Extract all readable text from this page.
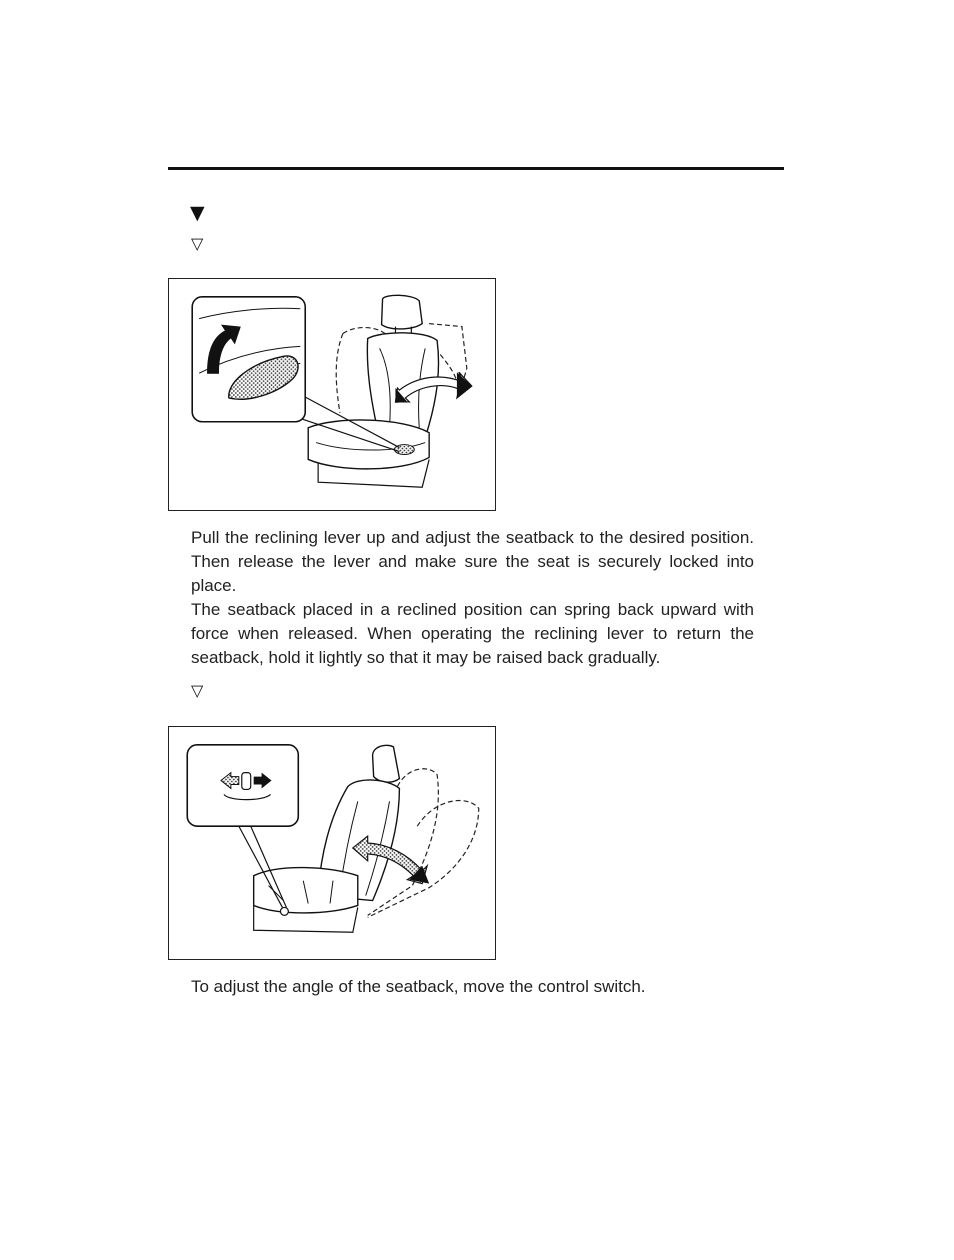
▼
▽

Pull the reclining lever up and adjust the seatback to the desired position. Then release the lever and make sure the seat is securely locked into place.

The seatback placed in a reclined position can spring back upward with force when released. When operating the reclining lever to return the seatback, hold it lightly so that it may be raised back gradually.

▽

To adjust the angle of the seatback, move the control switch.
